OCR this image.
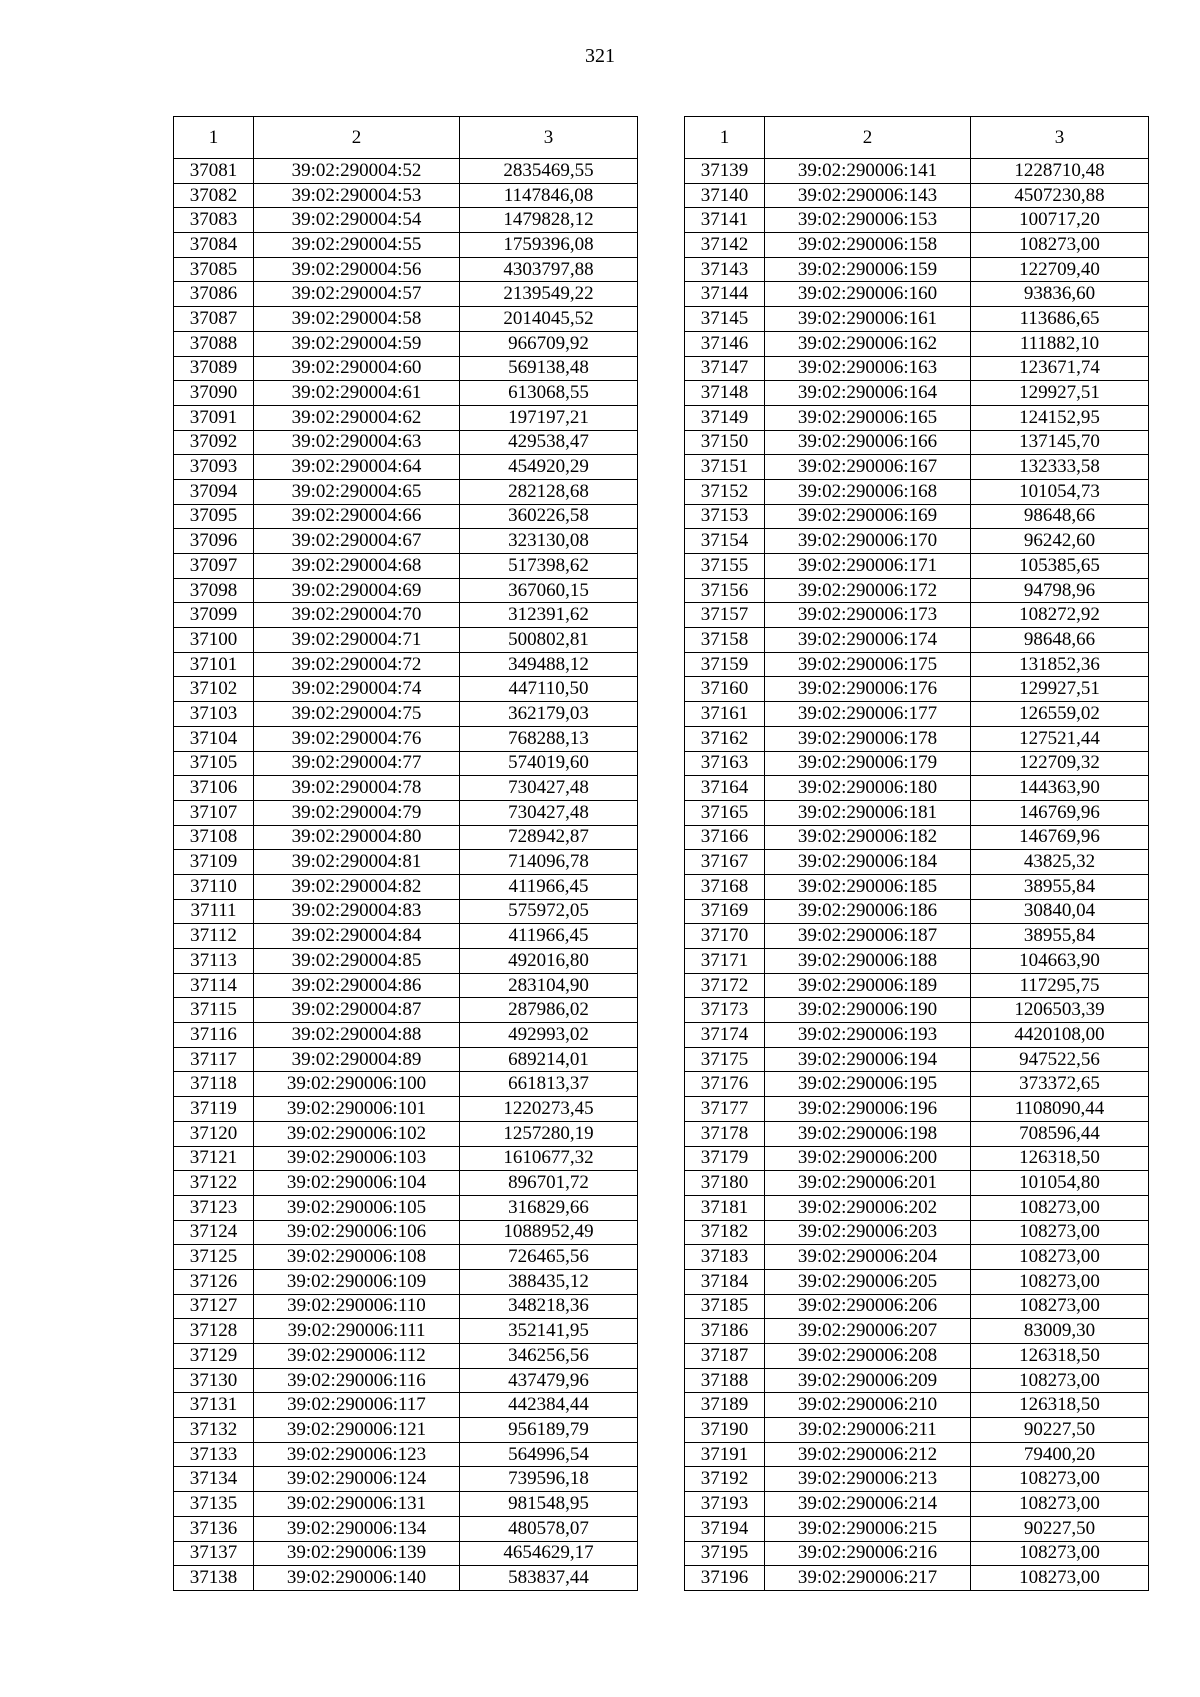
321
1	2	3
37081	39:02:290004:52	2835469,55
37082	39:02:290004:53	1147846,08
37083	39:02:290004:54	1479828,12
37084	39:02:290004:55	1759396,08
37085	39:02:290004:56	4303797,88
37086	39:02:290004:57	2139549,22
37087	39:02:290004:58	2014045,52
37088	39:02:290004:59	966709,92
37089	39:02:290004:60	569138,48
37090	39:02:290004:61	613068,55
37091	39:02:290004:62	197197,21
37092	39:02:290004:63	429538,47
37093	39:02:290004:64	454920,29
37094	39:02:290004:65	282128,68
37095	39:02:290004:66	360226,58
37096	39:02:290004:67	323130,08
37097	39:02:290004:68	517398,62
37098	39:02:290004:69	367060,15
37099	39:02:290004:70	312391,62
37100	39:02:290004:71	500802,81
37101	39:02:290004:72	349488,12
37102	39:02:290004:74	447110,50
37103	39:02:290004:75	362179,03
37104	39:02:290004:76	768288,13
37105	39:02:290004:77	574019,60
37106	39:02:290004:78	730427,48
37107	39:02:290004:79	730427,48
37108	39:02:290004:80	728942,87
37109	39:02:290004:81	714096,78
37110	39:02:290004:82	411966,45
37111	39:02:290004:83	575972,05
37112	39:02:290004:84	411966,45
37113	39:02:290004:85	492016,80
37114	39:02:290004:86	283104,90
37115	39:02:290004:87	287986,02
37116	39:02:290004:88	492993,02
37117	39:02:290004:89	689214,01
37118	39:02:290006:100	661813,37
37119	39:02:290006:101	1220273,45
37120	39:02:290006:102	1257280,19
37121	39:02:290006:103	1610677,32
37122	39:02:290006:104	896701,72
37123	39:02:290006:105	316829,66
37124	39:02:290006:106	1088952,49
37125	39:02:290006:108	726465,56
37126	39:02:290006:109	388435,12
37127	39:02:290006:110	348218,36
37128	39:02:290006:111	352141,95
37129	39:02:290006:112	346256,56
37130	39:02:290006:116	437479,96
37131	39:02:290006:117	442384,44
37132	39:02:290006:121	956189,79
37133	39:02:290006:123	564996,54
37134	39:02:290006:124	739596,18
37135	39:02:290006:131	981548,95
37136	39:02:290006:134	480578,07
37137	39:02:290006:139	4654629,17
37138	39:02:290006:140	583837,44
1	2	3
37139	39:02:290006:141	1228710,48
37140	39:02:290006:143	4507230,88
37141	39:02:290006:153	100717,20
37142	39:02:290006:158	108273,00
37143	39:02:290006:159	122709,40
37144	39:02:290006:160	93836,60
37145	39:02:290006:161	113686,65
37146	39:02:290006:162	111882,10
37147	39:02:290006:163	123671,74
37148	39:02:290006:164	129927,51
37149	39:02:290006:165	124152,95
37150	39:02:290006:166	137145,70
37151	39:02:290006:167	132333,58
37152	39:02:290006:168	101054,73
37153	39:02:290006:169	98648,66
37154	39:02:290006:170	96242,60
37155	39:02:290006:171	105385,65
37156	39:02:290006:172	94798,96
37157	39:02:290006:173	108272,92
37158	39:02:290006:174	98648,66
37159	39:02:290006:175	131852,36
37160	39:02:290006:176	129927,51
37161	39:02:290006:177	126559,02
37162	39:02:290006:178	127521,44
37163	39:02:290006:179	122709,32
37164	39:02:290006:180	144363,90
37165	39:02:290006:181	146769,96
37166	39:02:290006:182	146769,96
37167	39:02:290006:184	43825,32
37168	39:02:290006:185	38955,84
37169	39:02:290006:186	30840,04
37170	39:02:290006:187	38955,84
37171	39:02:290006:188	104663,90
37172	39:02:290006:189	117295,75
37173	39:02:290006:190	1206503,39
37174	39:02:290006:193	4420108,00
37175	39:02:290006:194	947522,56
37176	39:02:290006:195	373372,65
37177	39:02:290006:196	1108090,44
37178	39:02:290006:198	708596,44
37179	39:02:290006:200	126318,50
37180	39:02:290006:201	101054,80
37181	39:02:290006:202	108273,00
37182	39:02:290006:203	108273,00
37183	39:02:290006:204	108273,00
37184	39:02:290006:205	108273,00
37185	39:02:290006:206	108273,00
37186	39:02:290006:207	83009,30
37187	39:02:290006:208	126318,50
37188	39:02:290006:209	108273,00
37189	39:02:290006:210	126318,50
37190	39:02:290006:211	90227,50
37191	39:02:290006:212	79400,20
37192	39:02:290006:213	108273,00
37193	39:02:290006:214	108273,00
37194	39:02:290006:215	90227,50
37195	39:02:290006:216	108273,00
37196	39:02:290006:217	108273,00
